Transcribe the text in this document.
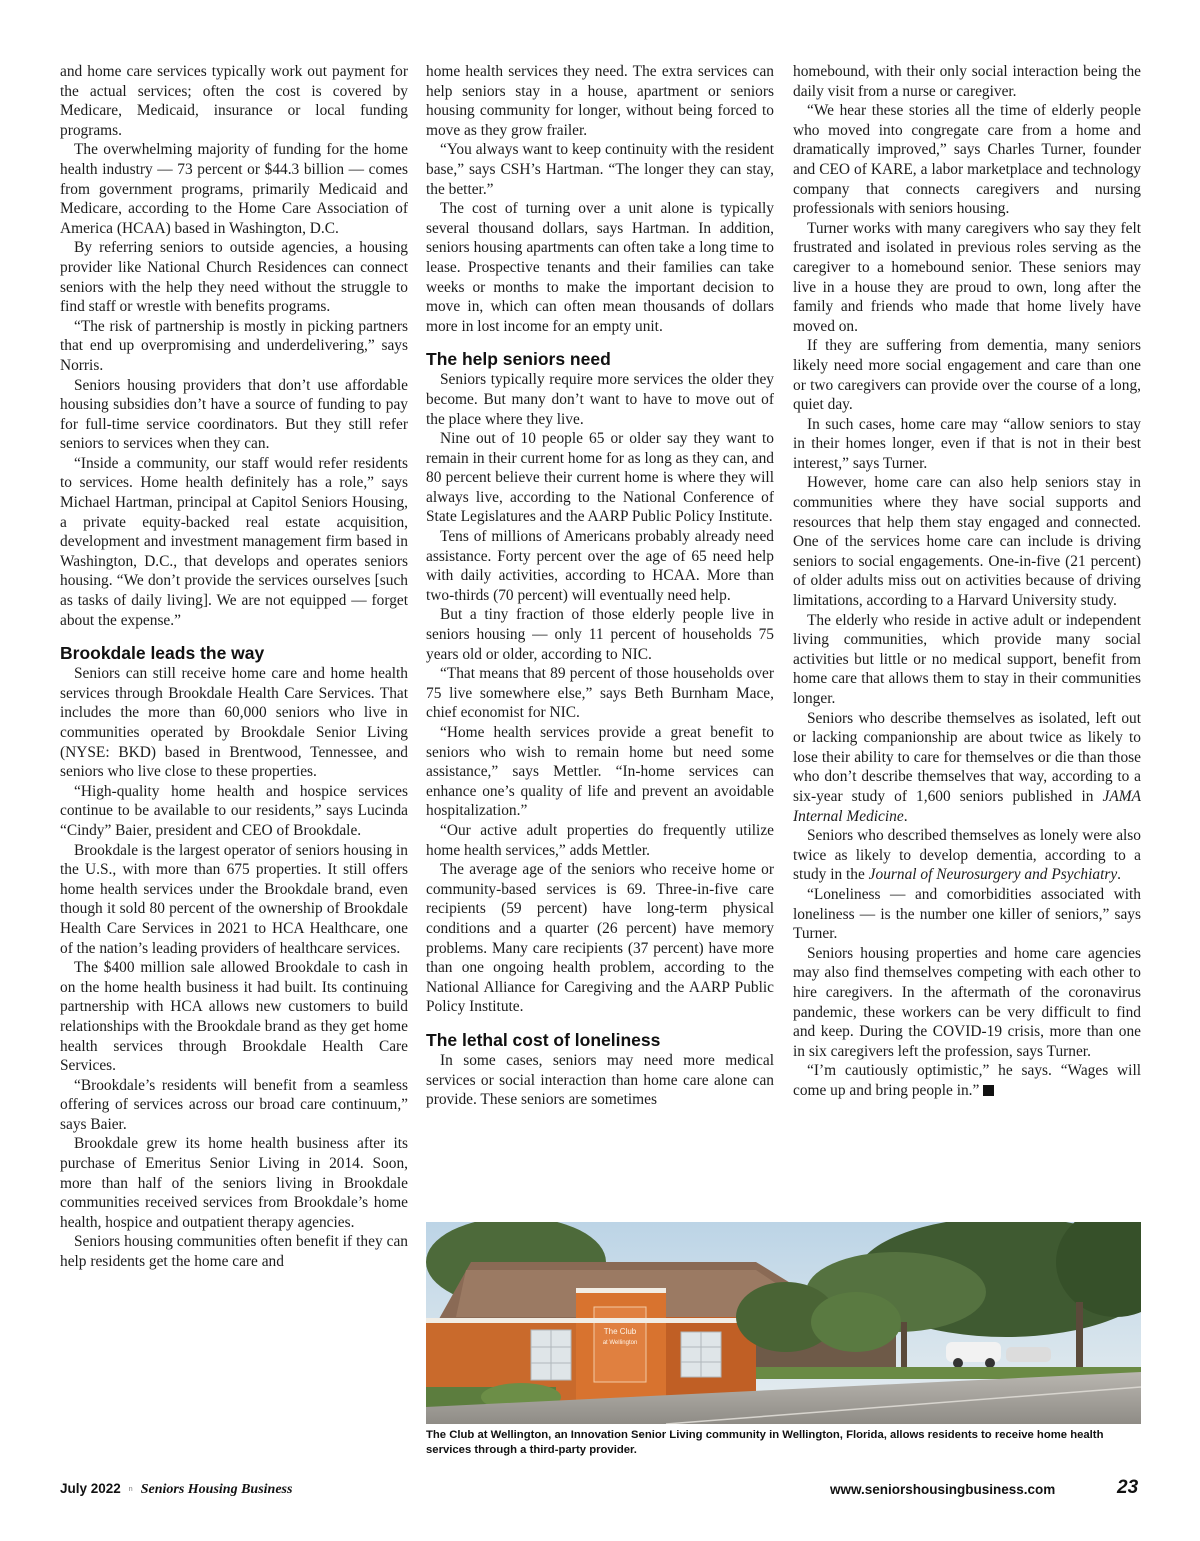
and home care services typically work out payment for the actual services; often the cost is covered by Medicare, Medicaid, insurance or local funding programs.

The overwhelming majority of funding for the home health industry — 73 percent or $44.3 billion — comes from government programs, primarily Medicaid and Medicare, according to the Home Care Association of America (HCAA) based in Washington, D.C.

By referring seniors to outside agencies, a housing provider like National Church Residences can connect seniors with the help they need without the struggle to find staff or wrestle with benefits programs.

“The risk of partnership is mostly in picking partners that end up overpromising and underdelivering,” says Norris.

Seniors housing providers that don’t use affordable housing subsidies don’t have a source of funding to pay for full-time service coordinators. But they still refer seniors to services when they can.

“Inside a community, our staff would refer residents to services. Home health definitely has a role,” says Michael Hartman, principal at Capitol Seniors Housing, a private equity-backed real estate acquisition, development and investment management firm based in Washington, D.C., that develops and operates seniors housing. “We don’t provide the services ourselves [such as tasks of daily living]. We are not equipped — forget about the expense.”

Brookdale leads the way

Seniors can still receive home care and home health services through Brookdale Health Care Services. That includes the more than 60,000 seniors who live in communities operated by Brookdale Senior Living (NYSE: BKD) based in Brentwood, Tennessee, and seniors who live close to these properties.

“High-quality home health and hospice services continue to be available to our residents,” says Lucinda “Cindy” Baier, president and CEO of Brookdale.

Brookdale is the largest operator of seniors housing in the U.S., with more than 675 properties. It still offers home health services under the Brookdale brand, even though it sold 80 percent of the ownership of Brookdale Health Care Services in 2021 to HCA Healthcare, one of the nation’s leading providers of healthcare services.

The $400 million sale allowed Brookdale to cash in on the home health business it had built. Its continuing partnership with HCA allows new customers to build relationships with the Brookdale brand as they get home health services through Brookdale Health Care Services.

“Brookdale’s residents will benefit from a seamless offering of services across our broad care continuum,” says Baier.

Brookdale grew its home health business after its purchase of Emeritus Senior Living in 2014. Soon, more than half of the seniors living in Brookdale communities received services from Brookdale’s home health, hospice and outpatient therapy agencies.

Seniors housing communities often benefit if they can help residents get the home care and

home health services they need. The extra services can help seniors stay in a house, apartment or seniors housing community for longer, without being forced to move as they grow frailer.

“You always want to keep continuity with the resident base,” says CSH’s Hartman. “The longer they can stay, the better.”

The cost of turning over a unit alone is typically several thousand dollars, says Hartman. In addition, seniors housing apartments can often take a long time to lease. Prospective tenants and their families can take weeks or months to make the important decision to move in, which can often mean thousands of dollars more in lost income for an empty unit.

The help seniors need

Seniors typically require more services the older they become. But many don’t want to have to move out of the place where they live.

Nine out of 10 people 65 or older say they want to remain in their current home for as long as they can, and 80 percent believe their current home is where they will always live, according to the National Conference of State Legislatures and the AARP Public Policy Institute.

Tens of millions of Americans probably already need assistance. Forty percent over the age of 65 need help with daily activities, according to HCAA. More than two-thirds (70 percent) will eventually need help.

But a tiny fraction of those elderly people live in seniors housing — only 11 percent of households 75 years old or older, according to NIC.

“That means that 89 percent of those households over 75 live somewhere else,” says Beth Burnham Mace, chief economist for NIC.

“Home health services provide a great benefit to seniors who wish to remain home but need some assistance,” says Mettler. “In-home services can enhance one’s quality of life and prevent an avoidable hospitalization.”

“Our active adult properties do frequently utilize home health services,” adds Mettler.

The average age of the seniors who receive home or community-based services is 69. Three-in-five care recipients (59 percent) have long-term physical conditions and a quarter (26 percent) have memory problems. Many care recipients (37 percent) have more than one ongoing health problem, according to the National Alliance for Caregiving and the AARP Public Policy Institute.

The lethal cost of loneliness

In some cases, seniors may need more medical services or social interaction than home care alone can provide. These seniors are sometimes

homebound, with their only social interaction being the daily visit from a nurse or caregiver.

“We hear these stories all the time of elderly people who moved into congregate care from a home and dramatically improved,” says Charles Turner, founder and CEO of KARE, a labor marketplace and technology company that connects caregivers and nursing professionals with seniors housing.

Turner works with many caregivers who say they felt frustrated and isolated in previous roles serving as the caregiver to a homebound senior. These seniors may live in a house they are proud to own, long after the family and friends who made that home lively have moved on.

If they are suffering from dementia, many seniors likely need more social engagement and care than one or two caregivers can provide over the course of a long, quiet day.

In such cases, home care may “allow seniors to stay in their homes longer, even if that is not in their best interest,” says Turner.

However, home care can also help seniors stay in communities where they have social supports and resources that help them stay engaged and connected. One of the services home care can include is driving seniors to social engagements. One-in-five (21 percent) of older adults miss out on activities because of driving limitations, according to a Harvard University study.

The elderly who reside in active adult or independent living communities, which provide many social activities but little or no medical support, benefit from home care that allows them to stay in their communities longer.

Seniors who describe themselves as isolated, left out or lacking companionship are about twice as likely to lose their ability to care for themselves or die than those who don’t describe themselves that way, according to a six-year study of 1,600 seniors published in JAMA Internal Medicine.

Seniors who described themselves as lonely were also twice as likely to develop dementia, according to a study in the Journal of Neurosurgery and Psychiatry.

“Loneliness — and comorbidities associated with loneliness — is the number one killer of seniors,” says Turner.

Seniors housing properties and home care agencies may also find themselves competing with each other to hire caregivers. In the aftermath of the coronavirus pandemic, these workers can be very difficult to find and keep. During the COVID-19 crisis, more than one in six caregivers left the profession, says Turner.

“I’m cautiously optimistic,” he says. “Wages will come up and bring people in.”

The Club
at Wellington
The Club at Wellington, an Innovation Senior Living community in Wellington, Florida, allows residents to receive home health services through a third-party provider.
July 2022 n Seniors Housing Business	www.seniorshousingbusiness.com	23
